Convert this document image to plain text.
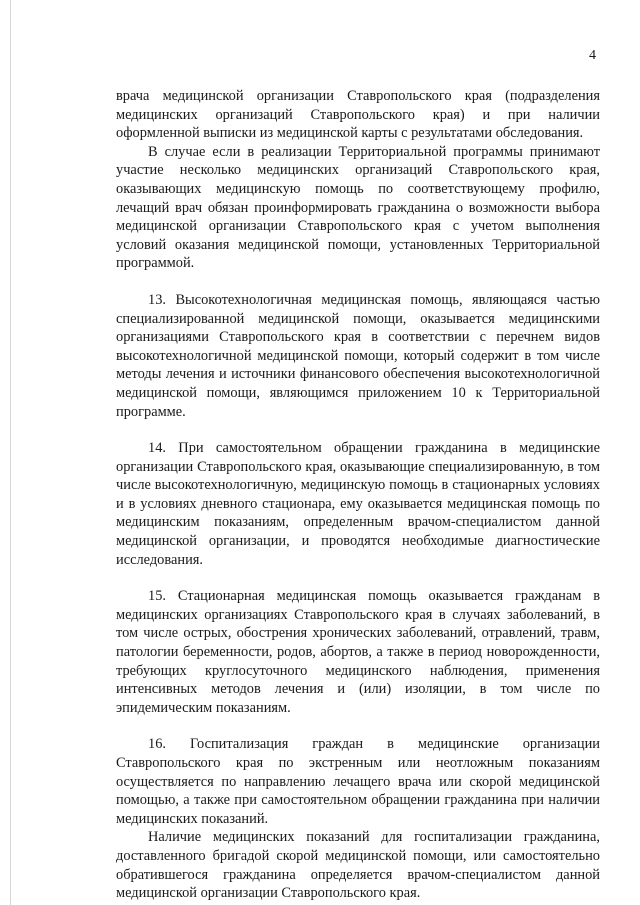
4

врача медицинской организации Ставропольского края (подразделения медицинских организаций Ставропольского края) и при наличии оформленной выписки из медицинской карты с результатами обследования.

В случае если в реализации Территориальной программы принимают участие несколько медицинских организаций Ставропольского края, оказывающих медицинскую помощь по соответствующему профилю, лечащий врач обязан проинформировать гражданина о возможности выбора медицинской организации Ставропольского края с учетом выполнения условий оказания медицинской помощи, установленных Территориальной программой.

13. Высокотехнологичная медицинская помощь, являющаяся частью специализированной медицинской помощи, оказывается медицинскими организациями Ставропольского края в соответствии с перечнем видов высокотехнологичной медицинской помощи, который содержит в том числе методы лечения и источники финансового обеспечения высокотехнологичной медицинской помощи, являющимся приложением 10 к Территориальной программе.

14. При самостоятельном обращении гражданина в медицинские организации Ставропольского края, оказывающие специализированную, в том числе высокотехнологичную, медицинскую помощь в стационарных условиях и в условиях дневного стационара, ему оказывается медицинская помощь по медицинским показаниям, определенным врачом-специалистом данной медицинской организации, и проводятся необходимые диагностические исследования.

15. Стационарная медицинская помощь оказывается гражданам в медицинских организациях Ставропольского края в случаях заболеваний, в том числе острых, обострения хронических заболеваний, отравлений, травм, патологии беременности, родов, абортов, а также в период новорожденности, требующих круглосуточного медицинского наблюдения, применения интенсивных методов лечения и (или) изоляции, в том числе по эпидемическим показаниям.

16. Госпитализация граждан в медицинские организации Ставропольского края по экстренным или неотложным показаниям осуществляется по направлению лечащего врача или скорой медицинской помощью, а также при самостоятельном обращении гражданина при наличии медицинских показаний.

Наличие медицинских показаний для госпитализации гражданина, доставленного бригадой скорой медицинской помощи, или самостоятельно обратившегося гражданина определяется врачом-специалистом данной медицинской организации Ставропольского края.
